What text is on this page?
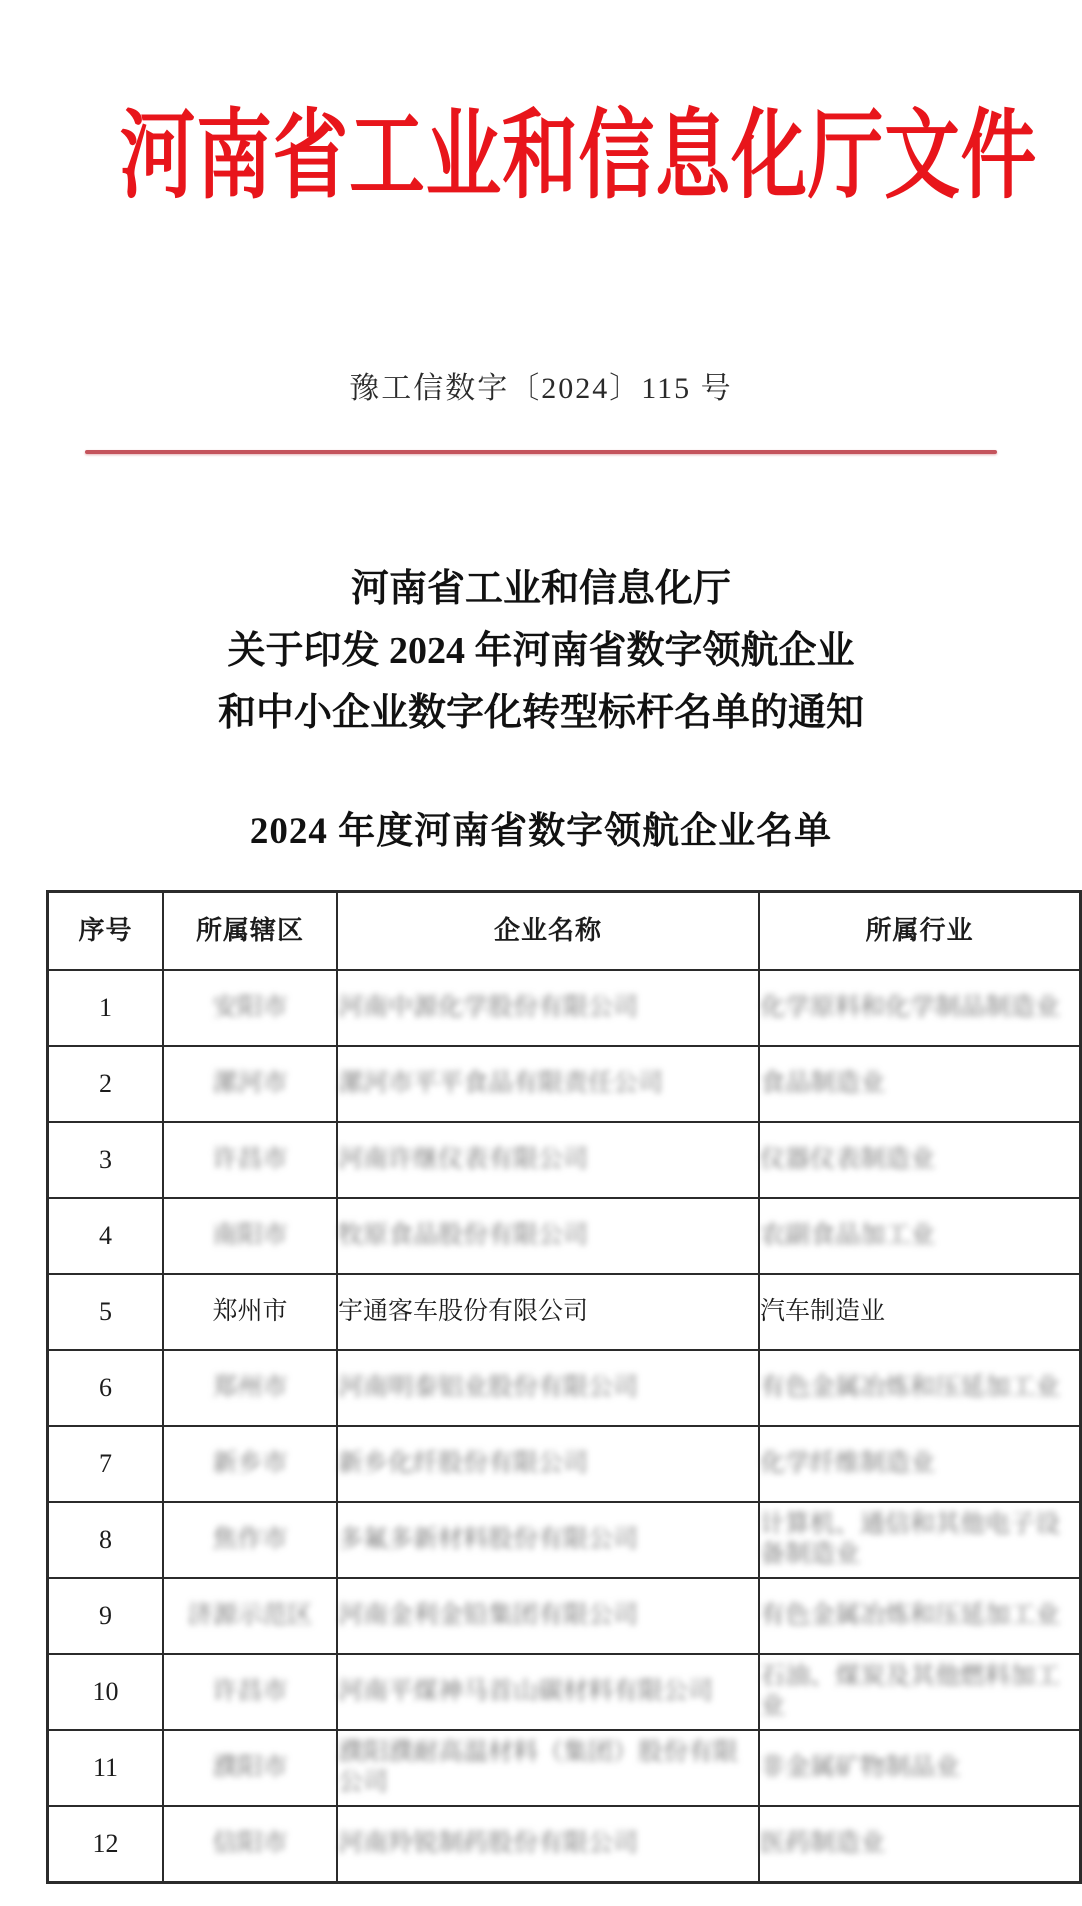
河南省工业和信息化厅文件
豫工信数字〔2024〕115 号
河南省工业和信息化厅
关于印发 2024 年河南省数字领航企业
和中小企业数字化转型标杆名单的通知
2024 年度河南省数字领航企业名单
序号	所属辖区	企业名称	所属行业
1	安阳市	河南中源化学股份有限公司	化学原料和化学制品制造业
2	漯河市	漯河市平平食品有限责任公司	食品制造业
3	许昌市	河南许继仪表有限公司	仪器仪表制造业
4	南阳市	牧原食品股份有限公司	农副食品加工业
5	郑州市	宇通客车股份有限公司	汽车制造业
6	郑州市	河南明泰铝业股份有限公司	有色金属冶炼和压延加工业
7	新乡市	新乡化纤股份有限公司	化学纤维制造业
8	焦作市	多氟多新材料股份有限公司	计算机、通信和其他电子设备制造业
9	济源示范区	河南金利金铅集团有限公司	有色金属冶炼和压延加工业
10	许昌市	河南平煤神马首山碳材料有限公司	石油、煤炭及其他燃料加工业
11	濮阳市	濮阳濮耐高温材料（集团）股份有限公司	非金属矿物制品业
12	信阳市	河南羚锐制药股份有限公司	医药制造业
